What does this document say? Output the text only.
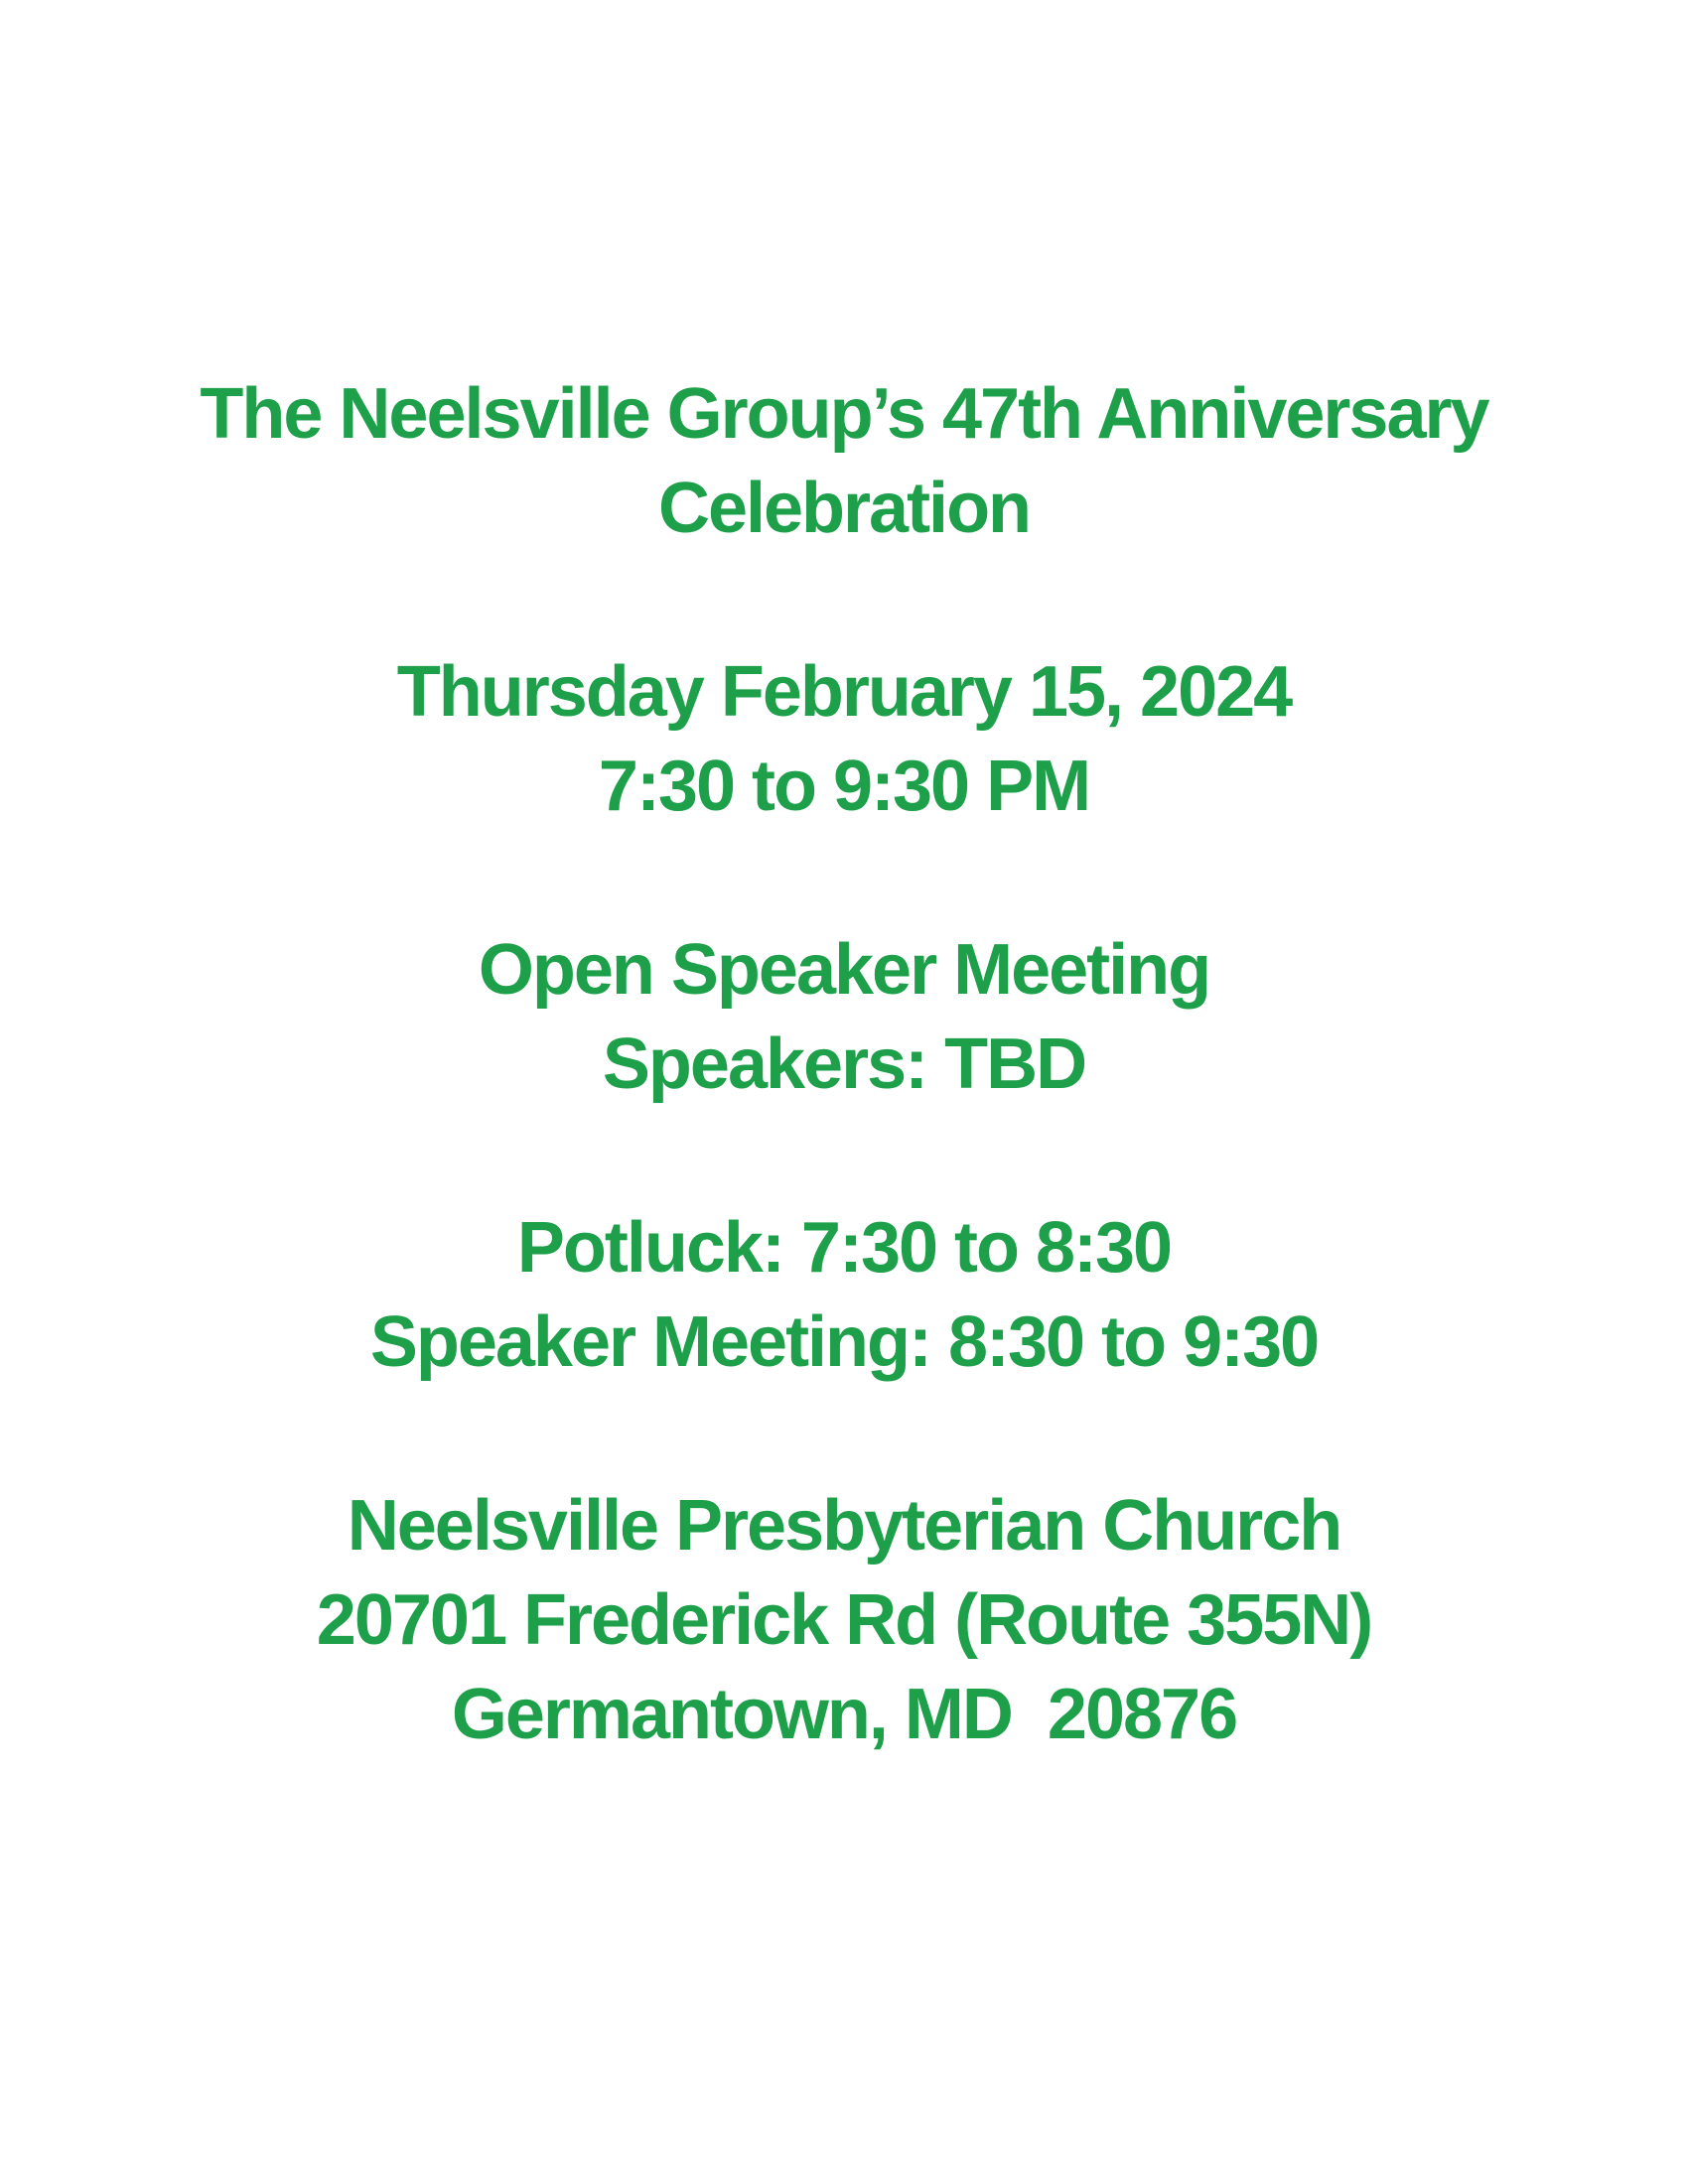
The Neelsville Group’s 47th Anniversary
Celebration
Thursday February 15, 2024
7:30 to 9:30 PM
Open Speaker Meeting
Speakers: TBD
Potluck: 7:30 to 8:30
Speaker Meeting: 8:30 to 9:30
Neelsville Presbyterian Church
20701 Frederick Rd (Route 355N)
Germantown, MD  20876
